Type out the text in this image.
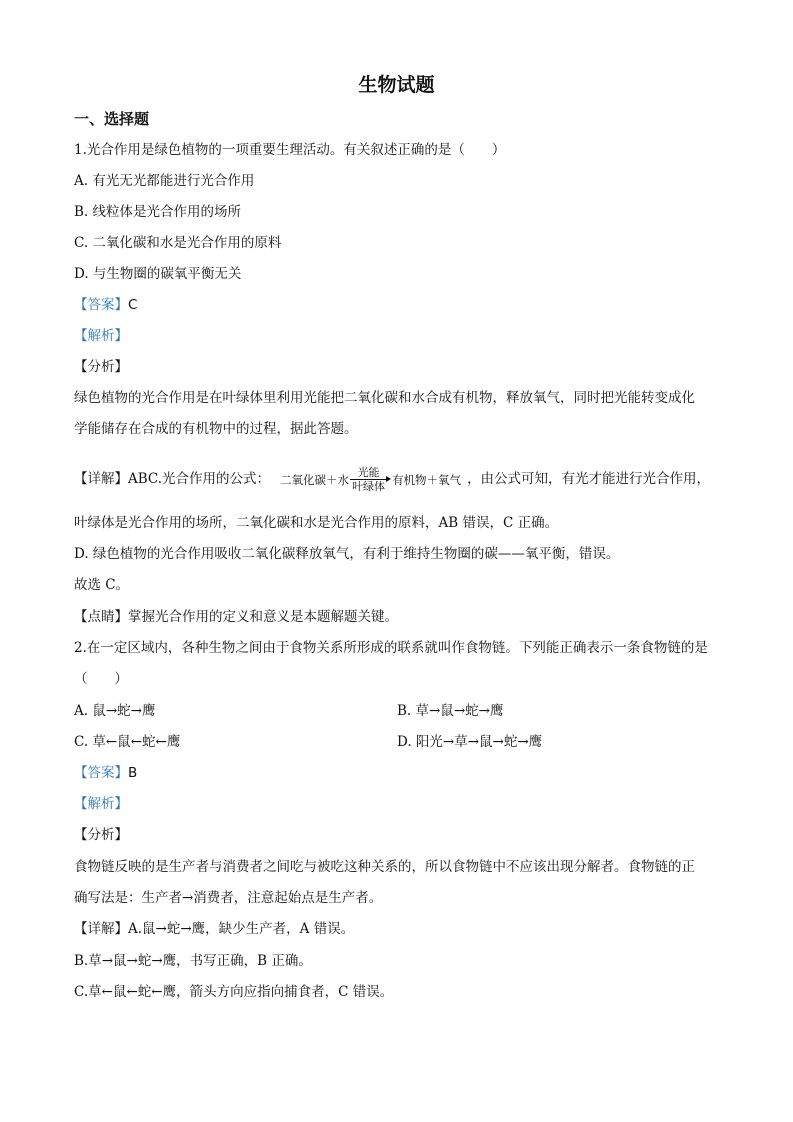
生物试题
一、选择题
1.光合作用是绿色植物的一项重要生理活动。有关叙述正确的是（　　）
A. 有光无光都能进行光合作用
B. 线粒体是光合作用的场所
C. 二氧化碳和水是光合作用的原料
D. 与生物圈的碳氧平衡无关
【答案】C
【解析】
【分析】
绿色植物的光合作用是在叶绿体里利用光能把二氧化碳和水合成有机物，释放氧气，同时把光能转变成化
学能储存在合成的有机物中的过程，据此答题。
【详解】ABC.光合作用的公式： 二氧化碳＋水 $\frac{\text{光能}}{\text{叶绿体}}$ 有机物＋氧气 ，由公式可知，有光才能进行光合作用，
叶绿体是光合作用的场所，二氧化碳和水是光合作用的原料，AB 错误，C 正确。
D. 绿色植物的光合作用吸收二氧化碳释放氧气，有利于维持生物圈的碳——氧平衡，错误。
故选 C。
【点睛】掌握光合作用的定义和意义是本题解题关键。
2.在一定区域内，各种生物之间由于食物关系所形成的联系就叫作食物链。下列能正确表示一条食物链的是
（　　）
A. 鼠→蛇→鹰	B. 草→鼠→蛇→鹰
C. 草←鼠←蛇←鹰	D. 阳光→草→鼠→蛇→鹰
【答案】B
【解析】
【分析】
食物链反映的是生产者与消费者之间吃与被吃这种关系的，所以食物链中不应该出现分解者。食物链的正
确写法是：生产者→消费者，注意起始点是生产者。
【详解】A.鼠→蛇→鹰，缺少生产者，A 错误。
B.草→鼠→蛇→鹰，书写正确，B 正确。
C.草←鼠←蛇←鹰，箭头方向应指向捕食者，C 错误。
